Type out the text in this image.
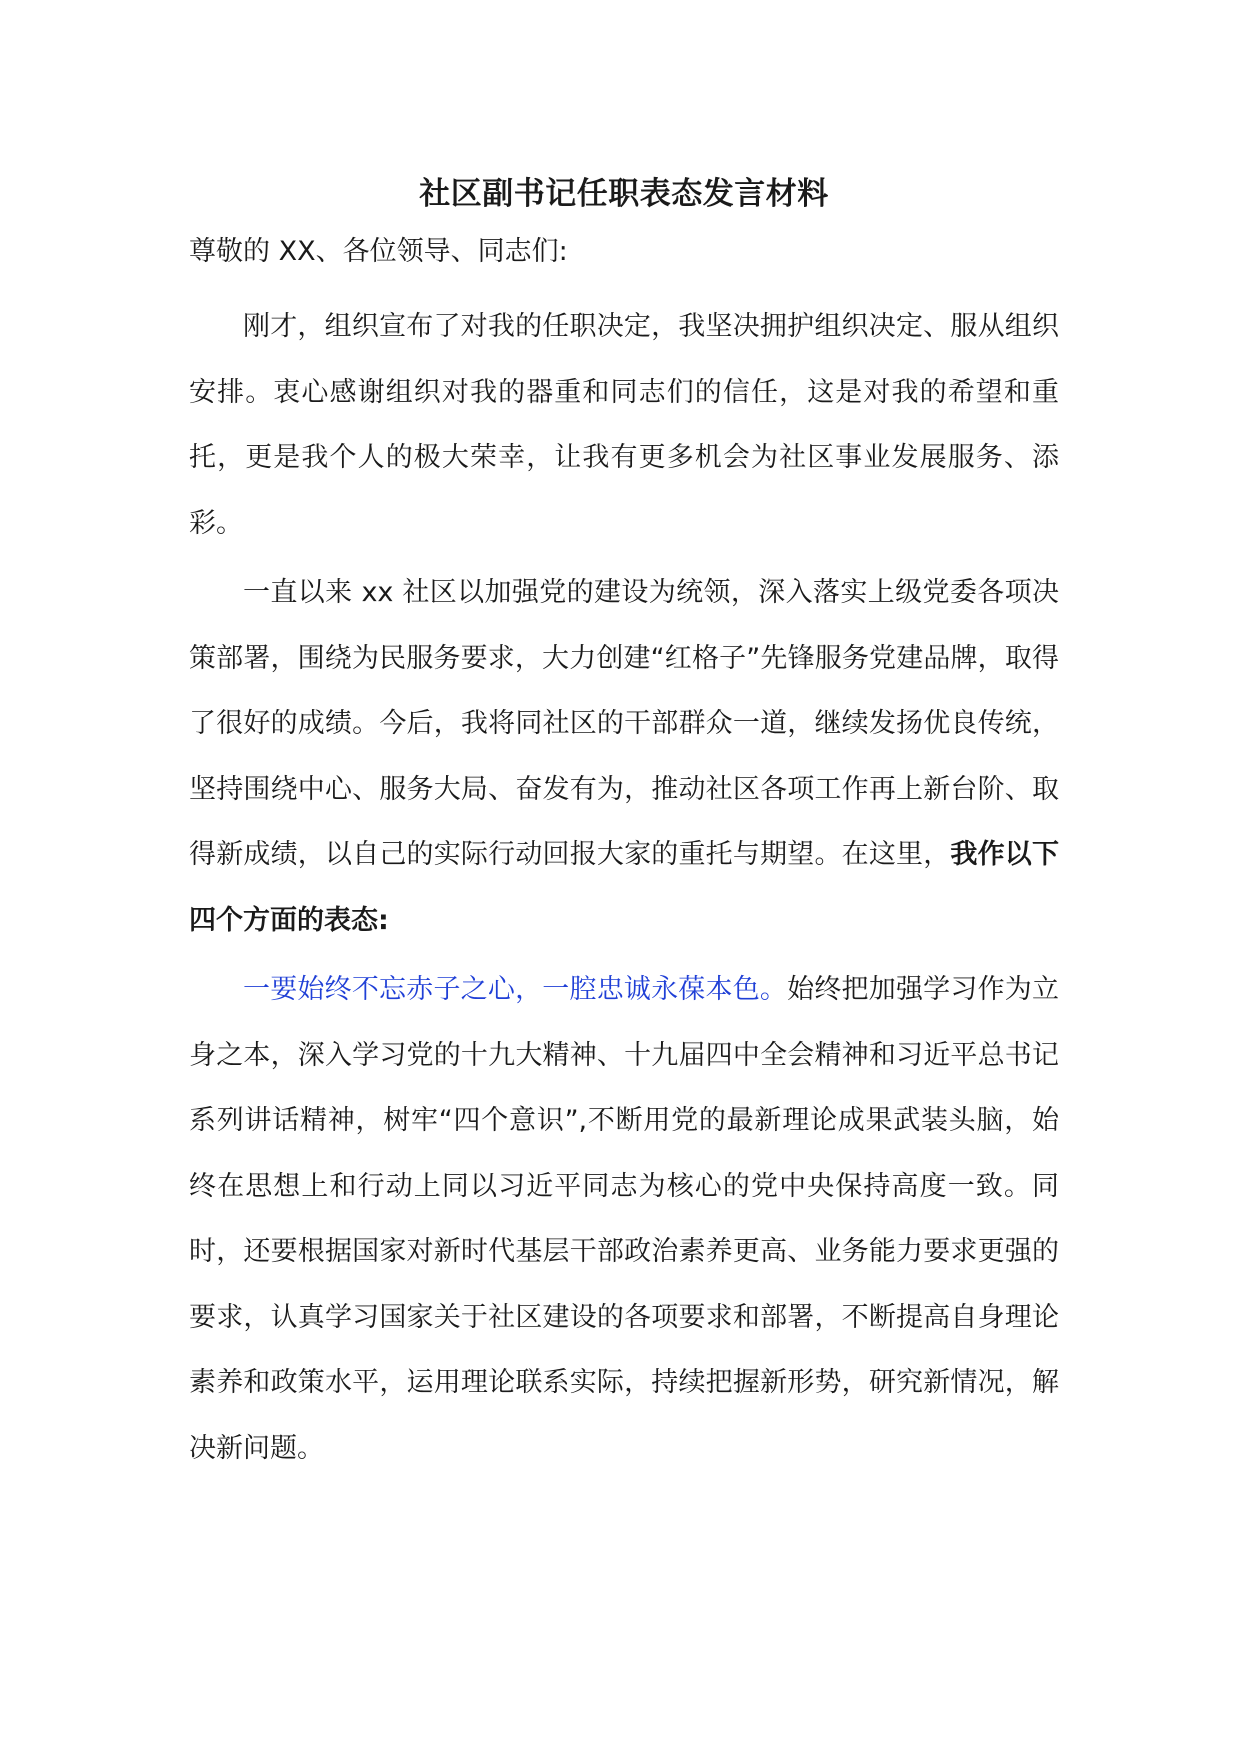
社区副书记任职表态发言材料

尊敬的 XX、各位领导、同志们:

刚才，组织宣布了对我的任职决定，我坚决拥护组织决定、服从组织安排。衷心感谢组织对我的器重和同志们的信任，这是对我的希望和重托，更是我个人的极大荣幸，让我有更多机会为社区事业发展服务、添彩。

一直以来 xx 社区以加强党的建设为统领，深入落实上级党委各项决策部署，围绕为民服务要求，大力创建“红格子”先锋服务党建品牌，取得了很好的成绩。今后，我将同社区的干部群众一道，继续发扬优良传统，坚持围绕中心、服务大局、奋发有为，推动社区各项工作再上新台阶、取得新成绩，以自己的实际行动回报大家的重托与期望。在这里，我作以下四个方面的表态:

一要始终不忘赤子之心，一腔忠诚永葆本色。始终把加强学习作为立身之本，深入学习党的十九大精神、十九届四中全会精神和习近平总书记系列讲话精神，树牢“四个意识”,不断用党的最新理论成果武装头脑，始终在思想上和行动上同以习近平同志为核心的党中央保持高度一致。同时，还要根据国家对新时代基层干部政治素养更高、业务能力要求更强的要求，认真学习国家关于社区建设的各项要求和部署，不断提高自身理论素养和政策水平，运用理论联系实际，持续把握新形势，研究新情况，解决新问题。
